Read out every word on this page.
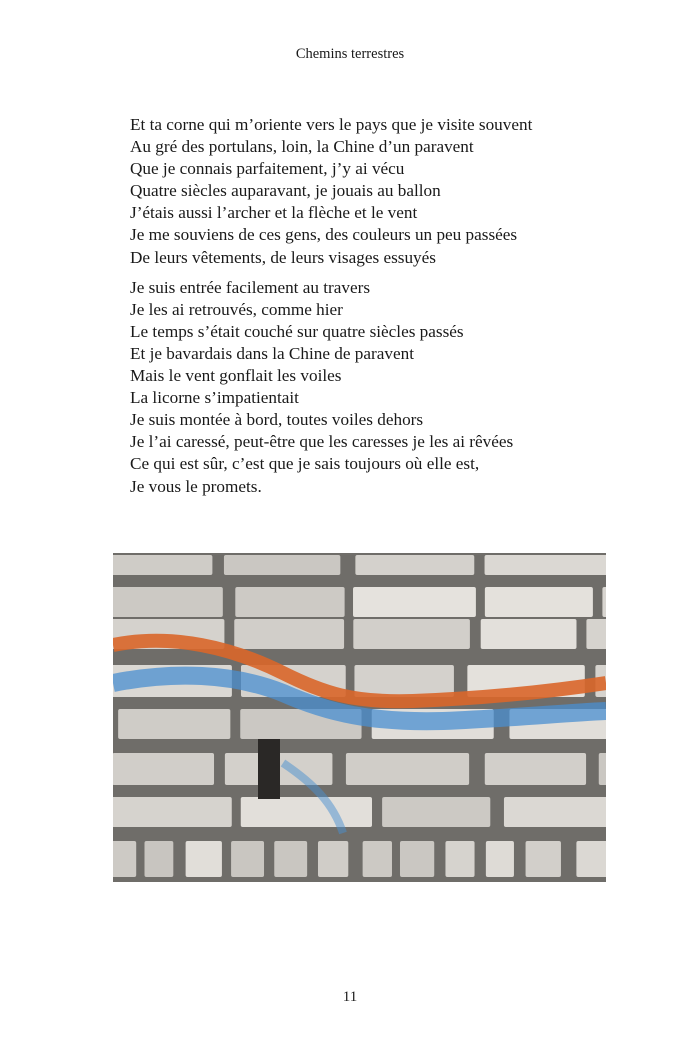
Chemins terrestres
Et ta corne qui m’oriente vers le pays que je visite souvent
Au gré des portulans, loin, la Chine d’un paravent
Que je connais parfaitement, j’y ai vécu
Quatre siècles auparavant, je jouais au ballon
J’étais aussi l’archer et la flèche et le vent
Je me souviens de ces gens, des couleurs un peu passées
De leurs vêtements, de leurs visages essuyés
Je suis entrée facilement au travers
Je les ai retrouvés, comme hier
Le temps s’était couché sur quatre siècles passés
Et je bavardais dans la Chine de paravent
Mais le vent gonflait les voiles
La licorne s’impatientait
Je suis montée à bord, toutes voiles dehors
Je l’ai caressé, peut-être que les caresses je les ai rêvées
Ce qui est sûr, c’est que je sais toujours où elle est,
Je vous le promets.
11
